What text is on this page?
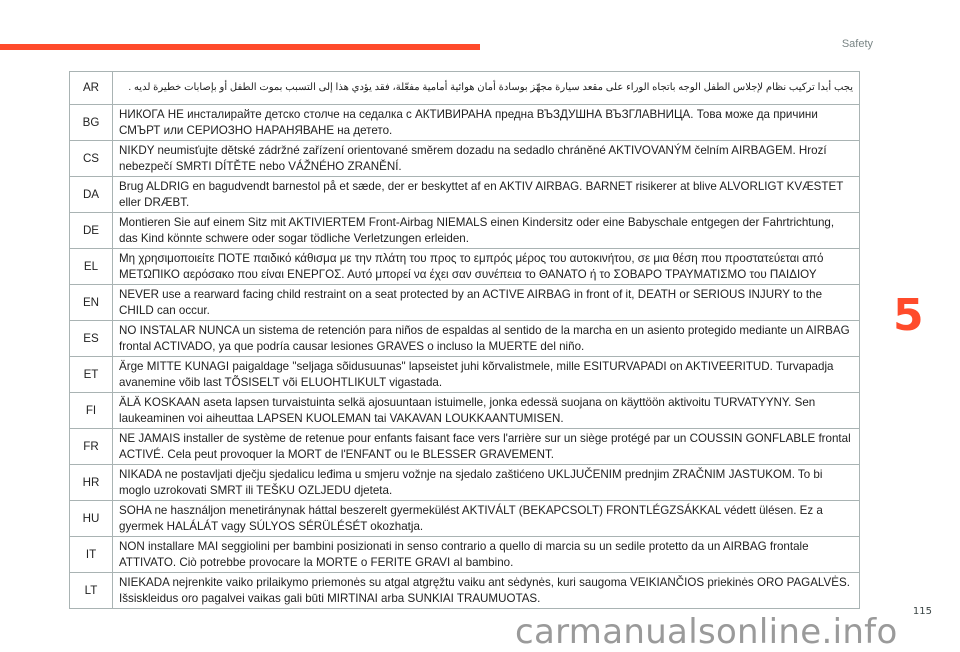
Safety
AR	يجب أبدا تركيب نظام لإجلاس الطفل الوجه باتجاه الوراء على مقعد سيارة مجهّز بوسادة أمان هوائية أمامية مفعّلة، فقد يؤدي هذا إلى التسبب بموت الطفل أو بإصابات خطيرة لديه .
BG	НИКОГА НЕ инсталирайте детско столче на седалка с АКТИВИРАНА предна ВЪЗДУШНА ВЪЗГЛАВНИЦА. Това може да причини СМЪРТ или СЕРИОЗНО НАРАНЯВАНЕ на детето.
CS	NIKDY neumisťujte dětské zádržné zařízení orientované směrem dozadu na sedadlo chráněné AKTIVOVANÝM čelním AIRBAGEM. Hrozí nebezpečí SMRTI DÍTĚTE nebo VÁŽNÉHO ZRANĚNÍ.
DA	Brug ALDRIG en bagudvendt barnestol på et sæde, der er beskyttet af en AKTIV AIRBAG. BARNET risikerer at blive ALVORLIGT KVÆSTET eller DRÆBT.
DE	Montieren Sie auf einem Sitz mit AKTIVIERTEM Front-Airbag NIEMALS einen Kindersitz oder eine Babyschale entgegen der Fahrtrichtung, das Kind könnte schwere oder sogar tödliche Verletzungen erleiden.
EL	Μη χρησιμοποιείτε ΠΟΤΕ παιδικό κάθισμα με την πλάτη του προς το εμπρός μέρος του αυτοκινήτου, σε μια θέση που προστατεύεται από ΜΕΤΩΠΙΚΟ αερόσακο που είναι ΕΝΕΡΓΟΣ. Αυτό μπορεί να έχει σαν συνέπεια το ΘΑΝΑΤΟ ή το ΣΟΒΑΡΟ ΤΡΑΥΜΑΤΙΣΜΟ του ΠΑΙΔΙΟΥ
EN	NEVER use a rearward facing child restraint on a seat protected by an ACTIVE AIRBAG in front of it, DEATH or SERIOUS INJURY to the CHILD can occur.
ES	NO INSTALAR NUNCA un sistema de retención para niños de espaldas al sentido de la marcha en un asiento protegido mediante un AIRBAG frontal ACTIVADO, ya que podría causar lesiones GRAVES o incluso la MUERTE del niño.
ET	Ärge MITTE KUNAGI paigaldage "seljaga sõidusuunas" lapseistet juhi kõrvalistmele, mille ESITURVAPADI on AKTIVEERITUD. Turvapadja avanemine võib last TÕSISELT või ELUOHTLIKULT vigastada.
FI	ÄLÄ KOSKAAN aseta lapsen turvaistuinta selkä ajosuuntaan istuimelle, jonka edessä suojana on käyttöön aktivoitu TURVATYYNY. Sen laukeaminen voi aiheuttaa LAPSEN KUOLEMAN tai VAKAVAN LOUKKAANTUMISEN.
FR	NE JAMAIS installer de système de retenue pour enfants faisant face vers l'arrière sur un siège protégé par un COUSSIN GONFLABLE frontal ACTIVÉ. Cela peut provoquer la MORT de l'ENFANT ou le BLESSER GRAVEMENT.
HR	NIKADA ne postavljati dječju sjedalicu leđima u smjeru vožnje na sjedalo zaštićeno UKLJUČENIM prednjim ZRAČNIM JASTUKOM. To bi moglo uzrokovati SMRT ili TEŠKU OZLJEDU djeteta.
HU	SOHA ne használjon menetiránynak háttal beszerelt gyermekülést AKTIVÁLT (BEKAPCSOLT) FRONTLÉGZSÁKKAL védett ülésen. Ez a gyermek HALÁLÁT vagy SÚLYOS SÉRÜLÉSÉT okozhatja.
IT	NON installare MAI seggiolini per bambini posizionati in senso contrario a quello di marcia su un sedile protetto da un AIRBAG frontale ATTIVATO. Ciò potrebbe provocare la MORTE o FERITE GRAVI al bambino.
LT	NIEKADA nejrenkite vaiko prilaikymo priemonės su atgal atgręžtu vaiku ant sėdynės, kuri saugoma VEIKIANČIOS priekinės ORO PAGALVĖS. Išsiskleidus oro pagalvei vaikas gali būti MIRTINAI arba SUNKIAI TRAUMUOTAS.
5
115
carmanualsonline.info
